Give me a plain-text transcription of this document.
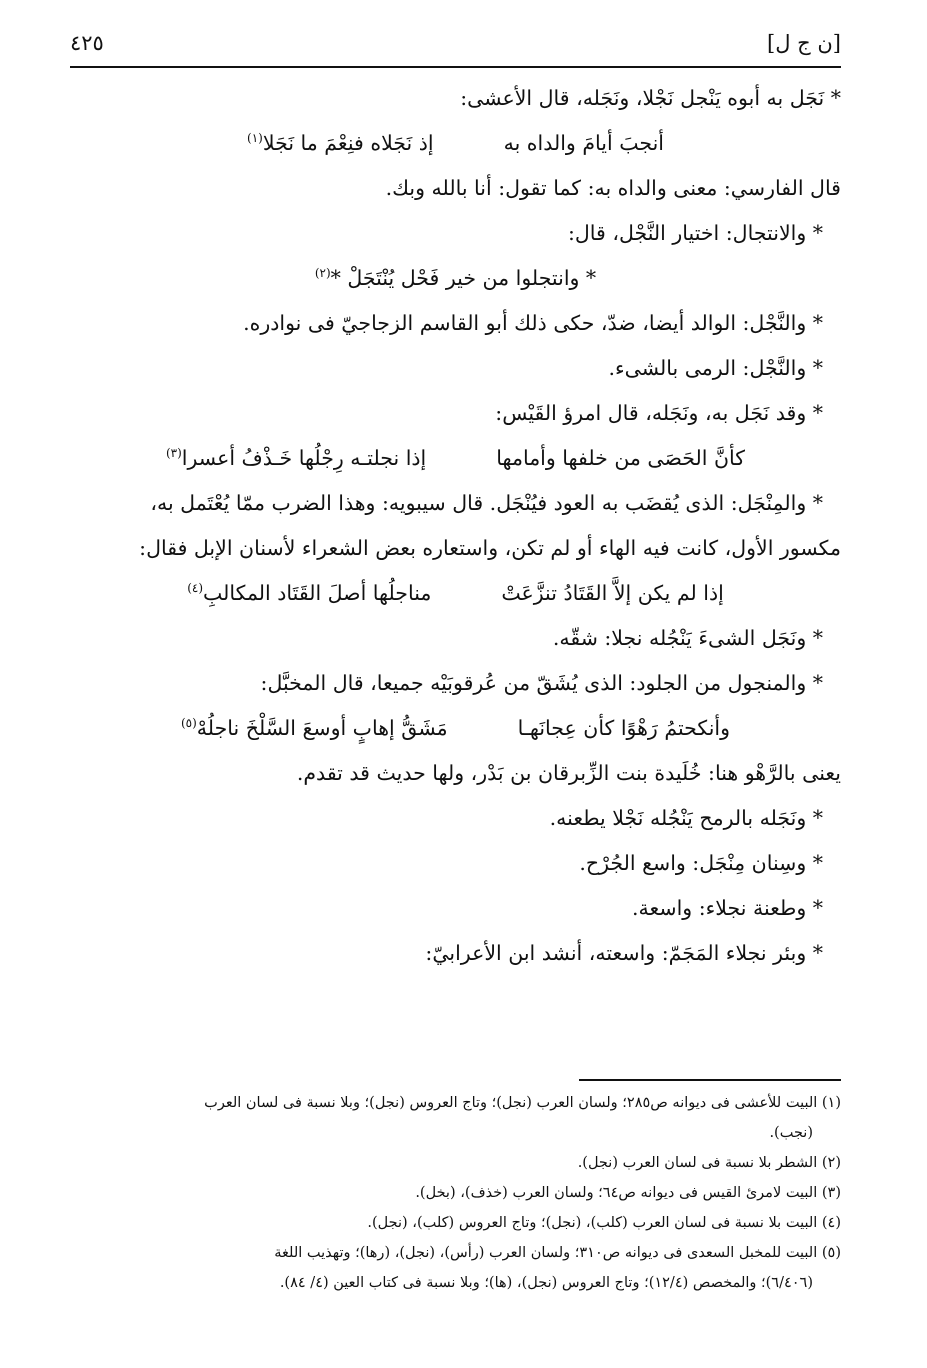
[ن ج ل]
٤٢٥
* نَجَل به أبوه يَنْجل نَجْلا، ونَجَله، قال الأعشى:
أنجبَ أيامَ والداه به
إذ نَجَلاه فنِعْمَ ما نَجَلا$^{(١)}$
قال الفارسي: معنى والداه به: كما تقول: أنا بالله وبك.
* والانتجال: اختيار النَّجْل، قال:
* وانتجلوا من خير فَحْل يُنْتَجَلْ *$^{(٢)}$
* والنَّجْل: الوالد أيضا، ضدّ، حكى ذلك أبو القاسم الزجاجيّ فى نوادره.
* والنَّجْل: الرمى بالشىء.
* وقد نَجَل به، ونَجَله، قال امرؤ القَيْس:
كأنَّ الحَصَى من خلفها وأمامها
إذا نجلتـه رِجْلُها خَـذْفُ أعسرا$^{(٣)}$
* والمِنْجَل: الذى يُقضَب به العود فيُنْجَل. قال سيبويه: وهذا الضرب ممّا يُعْتَمل به،
مكسور الأول، كانت فيه الهاء أو لم تكن، واستعاره بعض الشعراء لأسنان الإبل فقال:
إذا لم يكن إلاَّ القَتَادُ تنزَّعَتْ
مناجلُها أصلَ القَتَاد المكالبِ$^{(٤)}$
* ونَجَل الشىءَ يَنْجُله نجلا: شقّه.
* والمنجول من الجلود: الذى يُشَقّ من عُرقوبَيْه جميعا، قال المخبَّل:
وأنكحتمُ رَهْوًا كأن عِجانَهـا
مَشَقُّ إهابٍ أوسعَ السَّلْخَ ناجلُهْ$^{(٥)}$
يعنى بالرَّهْو هنا: خُلَيدة بنت الزِّبرقان بن بَدْر، ولها حديث قد تقدم.
* ونَجَله بالرمح يَنْجُله نَجْلا يطعنه.
* وسِنان مِنْجَل: واسع الجُرْح.
* وطعنة نجلاء: واسعة.
* وبئر نجلاء المَجَمّ: واسعته، أنشد ابن الأعرابيّ:
(١) البيت للأعشى فى ديوانه ص٢٨٥؛ ولسان العرب (نجل)؛ وتاج العروس (نجل)؛ وبلا نسبة فى لسان العرب
(نجب).
(٢) الشطر بلا نسبة فى لسان العرب (نجل).
(٣) البيت لامرئ القيس فى ديوانه ص٦٤؛ ولسان العرب (خذف)، (بخل).
(٤) البيت بلا نسبة فى لسان العرب (كلب)، (نجل)؛ وتاج العروس (كلب)، (نجل).
(٥) البيت للمخبل السعدى فى ديوانه ص٣١٠؛ ولسان العرب (رأس)، (نجل)، (رها)؛ وتهذيب اللغة
(٦/٤٠٦)؛ والمخصص (١٢/٤)؛ وتاج العروس (نجل)، (ها)؛ وبلا نسبة فى كتاب العين (٤/ ٨٤).
